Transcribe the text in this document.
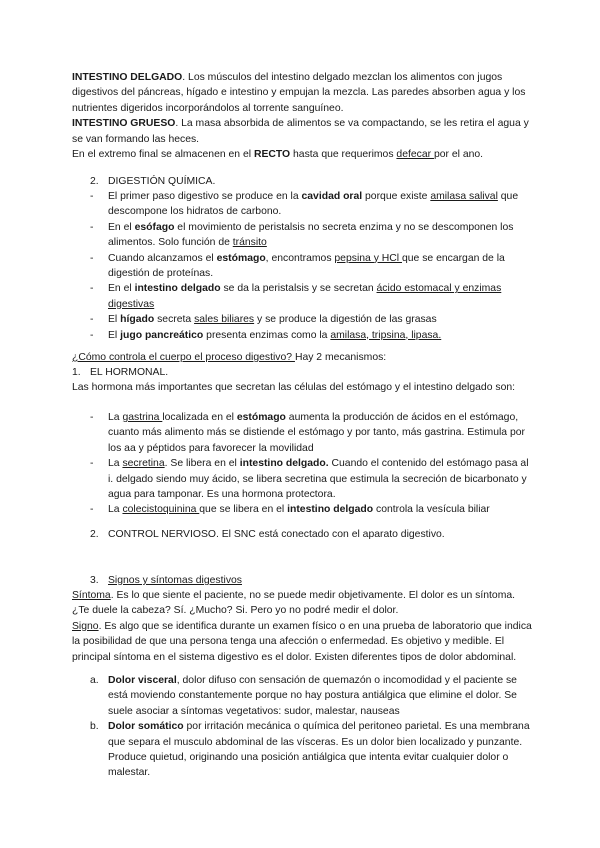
INTESTINO DELGADO. Los músculos del intestino delgado mezclan los alimentos con jugos digestivos del páncreas, hígado e intestino y empujan la mezcla. Las paredes absorben agua y los nutrientes digeridos incorporándolos al torrente sanguíneo.

INTESTINO GRUESO. La masa absorbida de alimentos se va compactando, se les retira el agua y se van formando las heces.

En el extremo final se almacenen en el RECTO hasta que requerimos defecar por el ano.

2. DIGESTIÓN QUÍMICA.
- El primer paso digestivo se produce en la cavidad oral porque existe amilasa salival que descompone los hidratos de carbono.
- En el esófago el movimiento de peristalsis no secreta enzima y no se descomponen los alimentos. Solo función de tránsito
- Cuando alcanzamos el estómago, encontramos pepsina y HCl que se encargan de la digestión de proteínas.
- En el intestino delgado se da la peristalsis y se secretan ácido estomacal y enzimas digestivas
- El hígado secreta sales biliares y se produce la digestión de las grasas
- El jugo pancreático presenta enzimas como la amilasa, tripsina, lipasa.

¿Cómo controla el cuerpo el proceso digestivo? Hay 2 mecanismos:

1. EL HORMONAL.

Las hormona más importantes que secretan las células del estómago y el intestino delgado son:

- La gastrina localizada en el estómago aumenta la producción de ácidos en el estómago, cuanto más alimento más se distiende el estómago y por tanto, más gastrina. Estimula por los aa y péptidos para favorecer la movilidad
- La secretina. Se libera en el intestino delgado. Cuando el contenido del estómago pasa al i. delgado siendo muy ácido, se libera secretina que estimula la secreción de bicarbonato y agua para tamponar. Es una hormona protectora.
- La colecistoquinina que se libera en el intestino delgado controla la vesícula biliar
2. CONTROL NERVIOSO. El SNC está conectado con el aparato digestivo.
3. Signos y síntomas digestivos

Síntoma. Es lo que siente el paciente, no se puede medir objetivamente. El dolor es un síntoma. ¿Te duele la cabeza? Sí. ¿Mucho? Si. Pero yo no podré medir el dolor.

Signo. Es algo que se identifica durante un examen físico o en una prueba de laboratorio que indica la posibilidad de que una persona tenga una afección o enfermedad. Es objetivo y medible. El principal síntoma en el sistema digestivo es el dolor. Existen diferentes tipos de dolor abdominal.

a. Dolor visceral, dolor difuso con sensación de quemazón o incomodidad y el paciente se está moviendo constantemente porque no hay postura antiálgica que elimine el dolor. Se suele asociar a síntomas vegetativos: sudor, malestar, nauseas
b. Dolor somático por irritación mecánica o química del peritoneo parietal. Es una membrana que separa el musculo abdominal de las vísceras. Es un dolor bien localizado y punzante. Produce quietud, originando una posición antiálgica que intenta evitar cualquier dolor o malestar.
